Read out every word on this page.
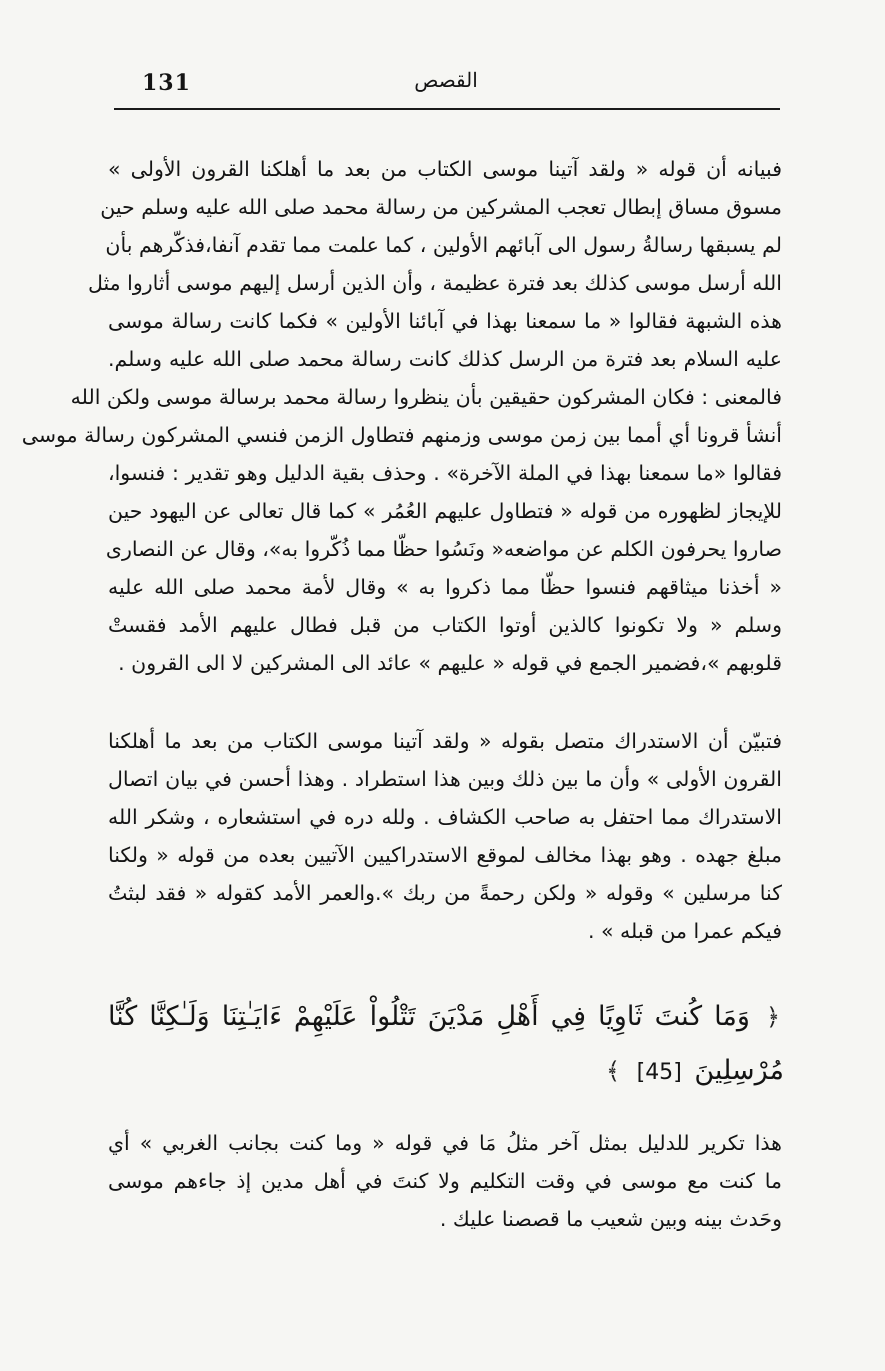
131	القصص
فبيانه أن قوله « ولقد آتينا موسى الكتاب من بعد ما أهلكنا القرون الأولى »
مسوق مساق إبطال تعجب المشركين من رسالة محمد صلى الله عليه وسلم حين
لم يسبقها رسالةُ رسول الى آبائهم الأولين ، كما علمت مما تقدم آنفا،فذكّرهم بأن
الله أرسل موسى كذلك بعد فترة عظيمة ، وأن الذين أرسل إليهم موسى أثاروا مثل
هذه الشبهة فقالوا « ما سمعنا بهذا في آبائنا الأولين » فكما كانت رسالة موسى
عليه السلام بعد فترة من الرسل كذلك كانت رسالة محمد صلى الله عليه وسلم.
فالمعنى : فكان المشركون حقيقين بأن ينظروا رسالة محمد برسالة موسى ولكن الله
أنشأ قرونا أي أمما بين زمن موسى وزمنهم فتطاول الزمن فنسي المشركون رسالة موسى
فقالوا «ما سمعنا بهذا في الملة الآخرة» . وحذف بقية الدليل وهو تقدير : فنسوا،
للإيجاز لظهوره من قوله « فتطاول عليهم العُمُر » كما قال تعالى عن اليهود حين
صاروا يحرفون الكلم عن مواضعه« ونَسُوا حظّا مما ذُكّروا به»، وقال عن النصارى
« أخذنا ميثاقهم فنسوا حظّا مما ذكروا به » وقال لأمة محمد صلى الله عليه
وسلم « ولا تكونوا كالذين أوتوا الكتاب من قبل فطال عليهم الأمد فقستْ
قلوبهم »،فضمير الجمع في قوله « عليهم » عائد الى المشركين لا الى القرون .
فتبيّن أن الاستدراك متصل بقوله « ولقد آتينا موسى الكتاب من بعد ما أهلكنا
القرون الأولى » وأن ما بين ذلك وبين هذا استطراد . وهذا أحسن في بيان اتصال
الاستدراك مما احتفل به صاحب الكشاف . ولله دره في استشعاره ، وشكر الله
مبلغ جهده . وهو بهذا مخالف لموقع الاستدراكيين الآتيين بعده من قوله « ولكنا
كنا مرسلين » وقوله « ولكن رحمةً من ربك ».والعمر الأمد كقوله « فقد لبثتُ
فيكم عمرا من قبله » .
﴿ وَمَا كُنتَ ثَاوِيًا فِي أَهْلِ مَدْيَنَ تَتْلُواْ عَلَيْهِمْ ءَايَـٰتِنَا وَلَـٰكِنَّا كُنَّا
مُرْسِلِينَ [45] ﴾
هذا تكرير للدليل بمثل آخر مثلُ مَا في قوله « وما كنت بجانب الغربي » أي
ما كنت مع موسى في وقت التكليم ولا كنتَ في أهل مدين إذ جاءهم موسى
وحَدث بينه وبين شعيب ما قصصنا عليك .
